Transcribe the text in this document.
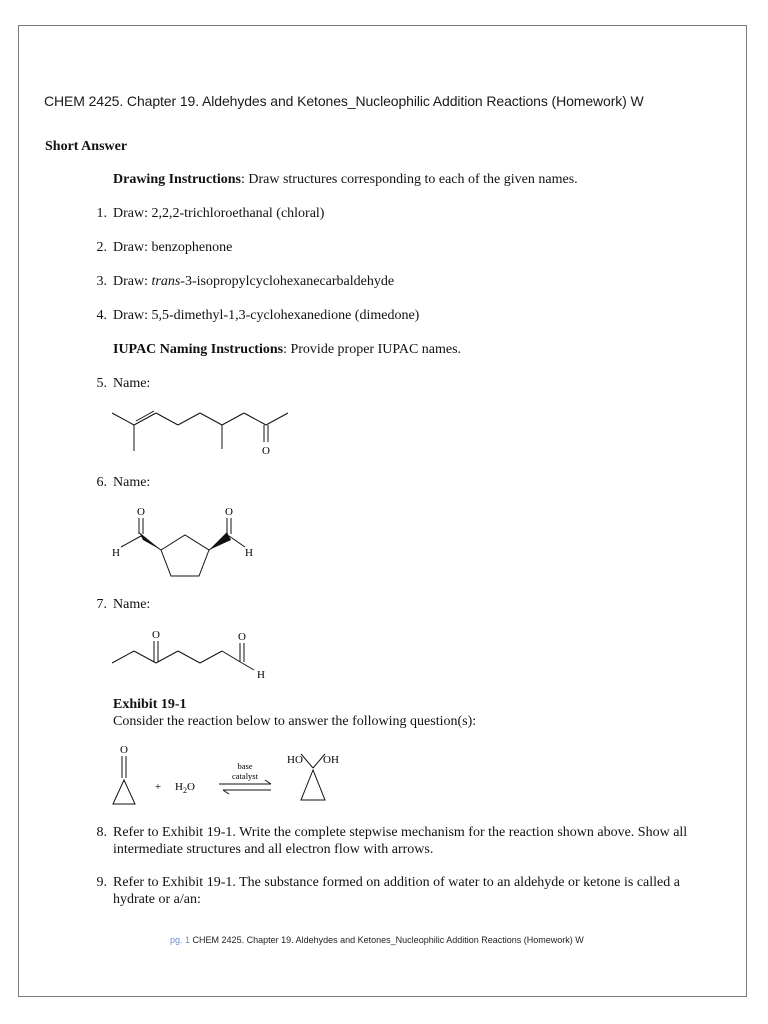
CHEM 2425. Chapter 19. Aldehydes and Ketones_Nucleophilic Addition Reactions (Homework) W
Short Answer
Drawing Instructions: Draw structures corresponding to each of the given names.
1. Draw: 2,2,2-trichloroethanal (chloral)
2. Draw: benzophenone
3. Draw: trans-3-isopropylcyclohexanecarbaldehyde
4. Draw: 5,5-dimethyl-1,3-cyclohexanedione (dimedone)
IUPAC Naming Instructions: Provide proper IUPAC names.
5. Name:
O
6. Name:
O	O
H	H
7. Name:
O	O
H
Exhibit 19-1
Consider the reaction below to answer the following question(s):
O
+ $H_2O$
base
catalyst
HO OH
8. Refer to Exhibit 19-1. Write the complete stepwise mechanism for the reaction shown above. Show all intermediate structures and all electron flow with arrows.
9. Refer to Exhibit 19-1. The substance formed on addition of water to an aldehyde or ketone is called a hydrate or a/an:
pg. 1 CHEM 2425. Chapter 19. Aldehydes and Ketones_Nucleophilic Addition Reactions (Homework) W
